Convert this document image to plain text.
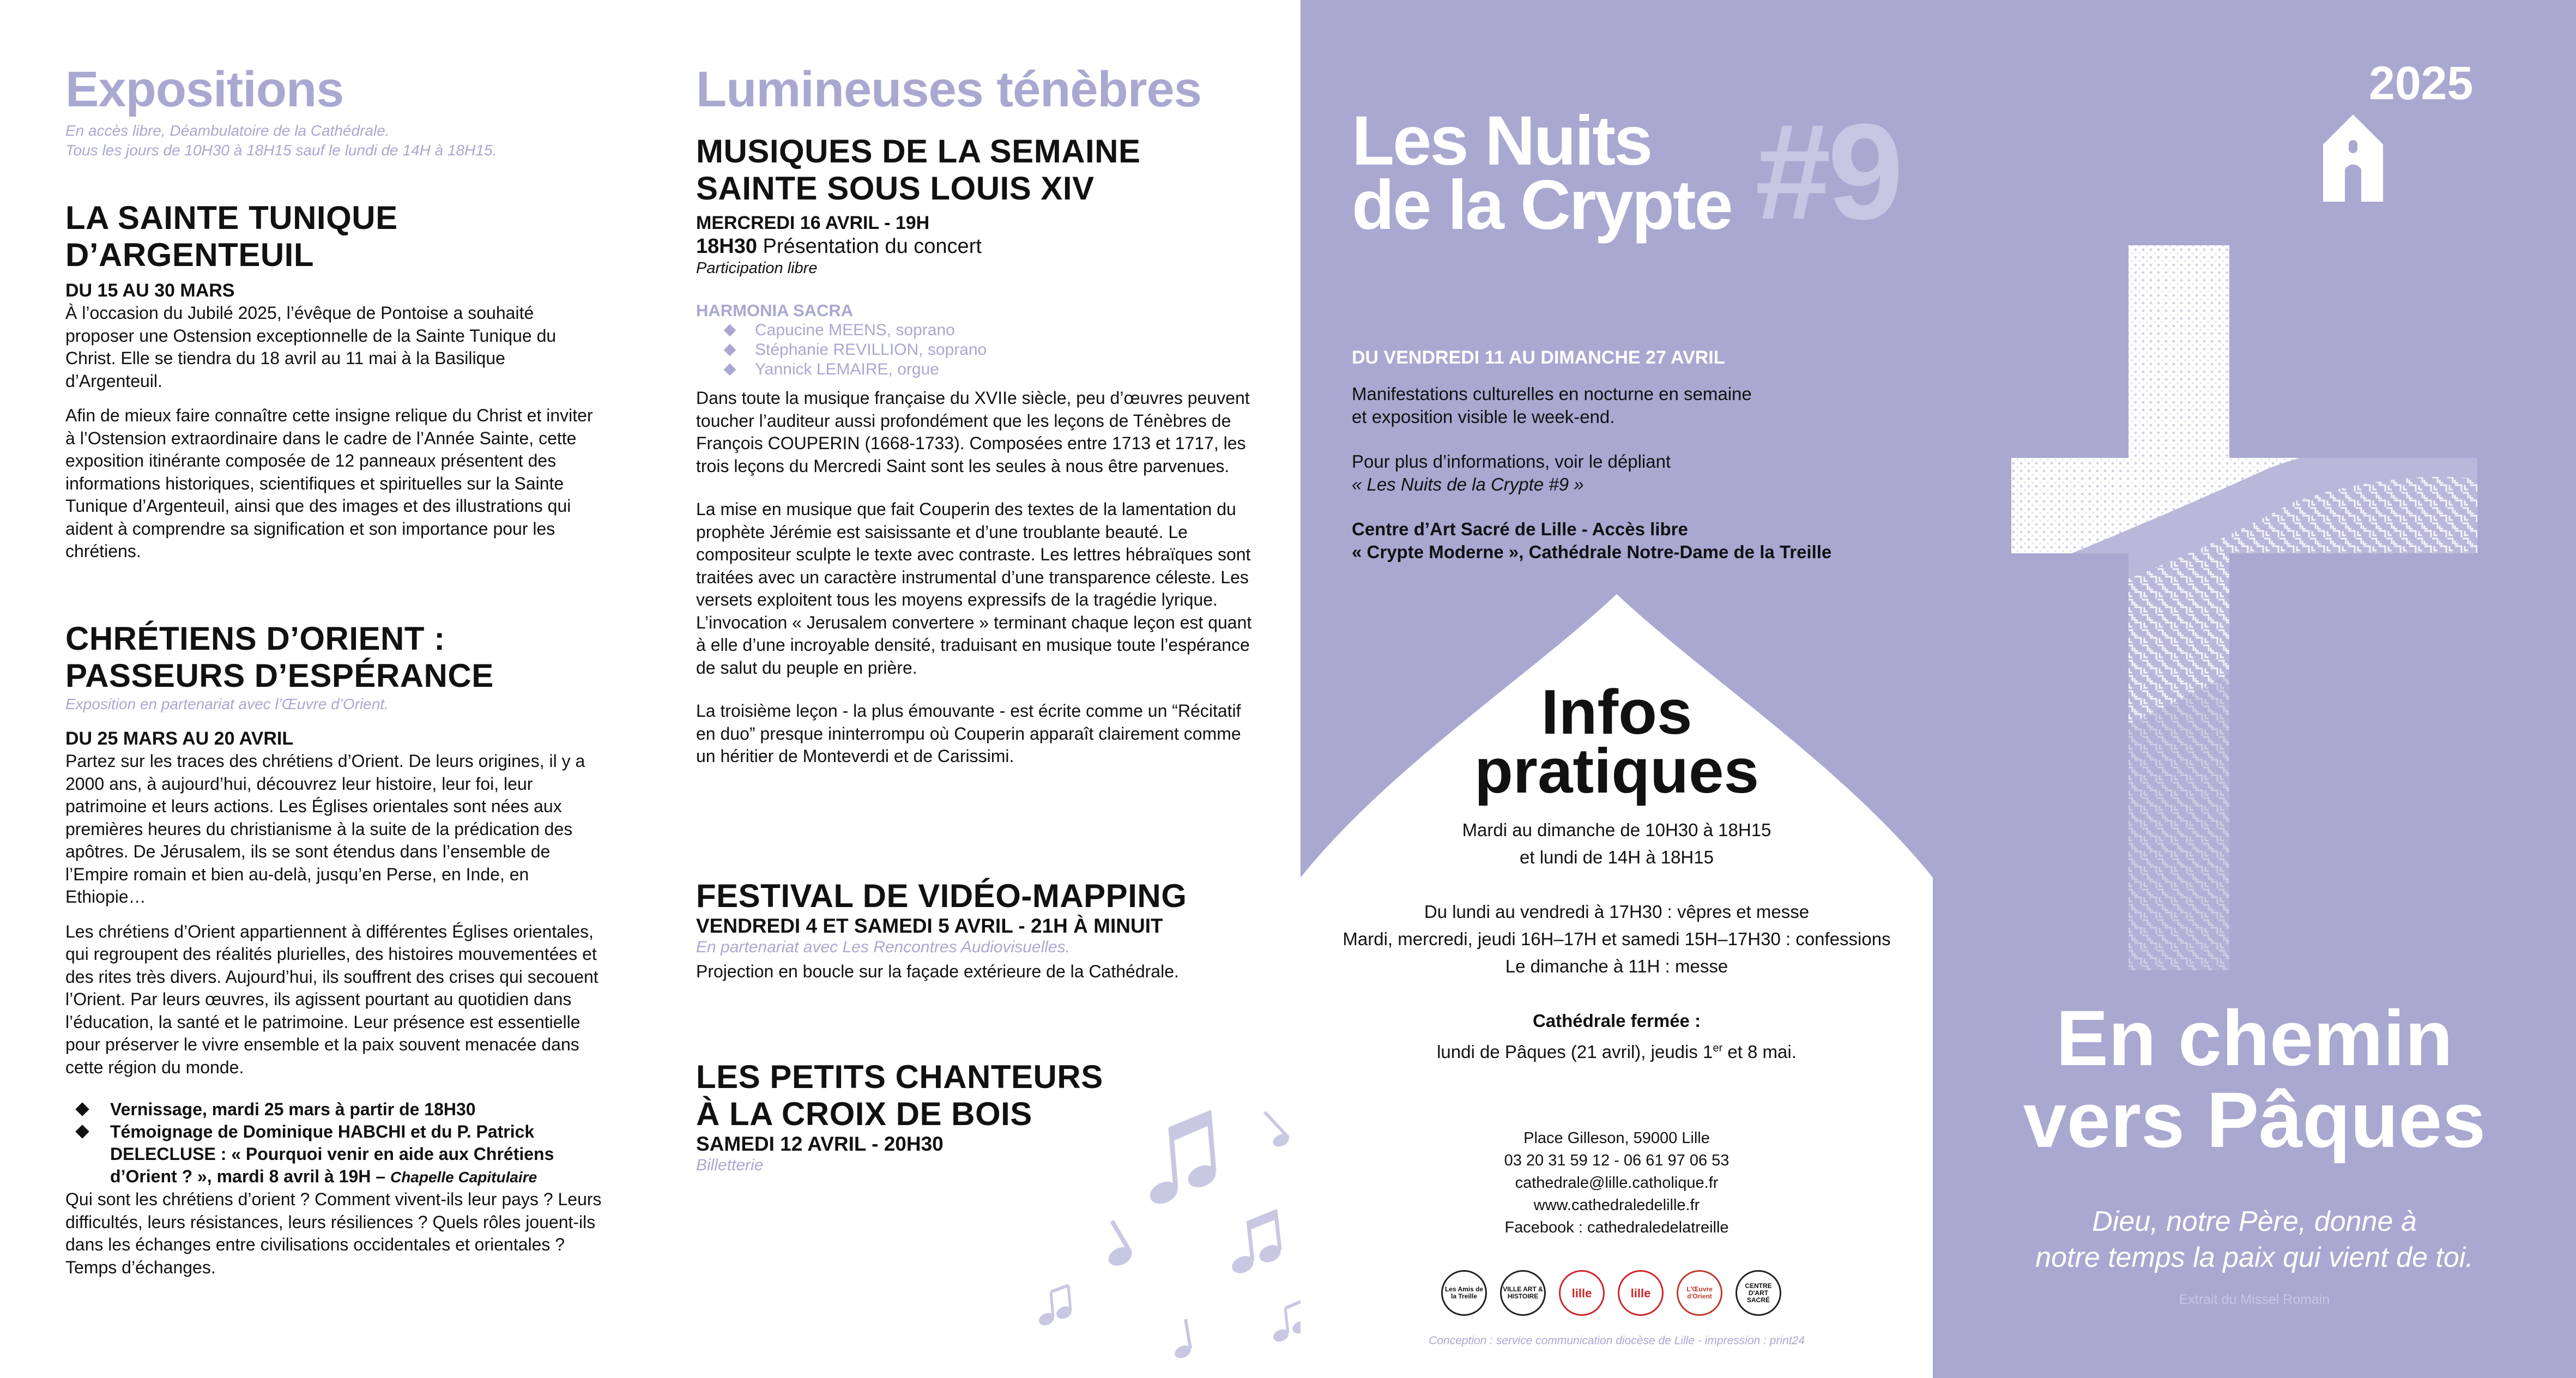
Expositions
En accès libre, Déambulatoire de la Cathédrale.
Tous les jours de 10H30 à 18H15 sauf le lundi de 14H à 18H15.
LA SAINTE TUNIQUE
D’ARGENTEUIL
DU 15 AU 30 MARS

À l’occasion du Jubilé 2025, l’évêque de Pontoise a souhaité proposer une Ostension exceptionnelle de la Sainte Tunique du Christ. Elle se tiendra du 18 avril au 11 mai à la Basilique d’Argenteuil.

Afin de mieux faire connaître cette insigne relique du Christ et inviter à l’Ostension extraordinaire dans le cadre de l’Année Sainte, cette exposition itinérante composée de 12 panneaux présentent des informations historiques, scientifiques et spirituelles sur la Sainte Tunique d’Argenteuil, ainsi que des images et des illustrations qui aident à comprendre sa signification et son importance pour les chrétiens.

CHRÉTIENS D’ORIENT :
PASSEURS D’ESPÉRANCE
Exposition en partenariat avec l’Œuvre d’Orient.
DU 25 MARS AU 20 AVRIL

Partez sur les traces des chrétiens d’Orient. De leurs origines, il y a 2000 ans, à aujourd’hui, découvrez leur histoire, leur foi, leur patrimoine et leurs actions. Les Églises orientales sont nées aux premières heures du christianisme à la suite de la prédication des apôtres. De Jérusalem, ils se sont étendus dans l’ensemble de l’Empire romain et bien au-delà, jusqu’en Perse, en Inde, en Ethiopie…

Les chrétiens d’Orient appartiennent à différentes Églises orientales, qui regroupent des réalités plurielles, des histoires mouvementées et des rites très divers. Aujourd’hui, ils souffrent des crises qui secouent l’Orient. Par leurs œuvres, ils agissent pourtant au quotidien dans l’éducation, la santé et le patrimoine. Leur présence est essentielle pour préserver le vivre ensemble et la paix souvent menacée dans cette région du monde.

Vernissage, mardi 25 mars à partir de 18H30
Témoignage de Dominique HABCHI et du P. Patrick DELECLUSE : « Pourquoi venir en aide aux Chrétiens d’Orient ? », mardi 8 avril à 19H – Chapelle Capitulaire
Qui sont les chrétiens d’orient ? Comment vivent-ils leur pays ? Leurs difficultés, leurs résistances, leurs résiliences ? Quels rôles jouent-ils dans les échanges entre civilisations occidentales et orientales ? Temps d’échanges.
Lumineuses ténèbres
MUSIQUES DE LA SEMAINE
SAINTE SOUS LOUIS XIV
MERCREDI 16 AVRIL - 19H
18H30 Présentation du concert
Participation libre
HARMONIA SACRA
Capucine MEENS, soprano
Stéphanie REVILLION, soprano
Yannick LEMAIRE, orgue

Dans toute la musique française du XVIIe siècle, peu d’œuvres peuvent toucher l’auditeur aussi profondément que les leçons de Ténèbres de François COUPERIN (1668-1733). Composées entre 1713 et 1717, les trois leçons du Mercredi Saint sont les seules à nous être parvenues.

La mise en musique que fait Couperin des textes de la lamentation du prophète Jérémie est saisissante et d’une troublante beauté. Le compositeur sculpte le texte avec contraste. Les lettres hébraïques sont traitées avec un caractère instrumental d’une transparence céleste. Les versets exploitent tous les moyens expressifs de la tragédie lyrique. L’invocation « Jerusalem convertere » terminant chaque leçon est quant à elle d’une incroyable densité, traduisant en musique toute l’espérance de salut du peuple en prière.

La troisième leçon - la plus émouvante - est écrite comme un “Récitatif en duo” presque ininterrompu où Couperin apparaît clairement comme un héritier de Monteverdi et de Carissimi.

FESTIVAL DE VIDÉO-MAPPING
VENDREDI 4 ET SAMEDI 5 AVRIL - 21H À MINUIT
En partenariat avec Les Rencontres Audiovisuelles.
Projection en boucle sur la façade extérieure de la Cathédrale.
LES PETITS CHANTEURS
À LA CROIX DE BOIS
SAMEDI 12 AVRIL - 20H30
Billetterie
Les Nuits
de la Crypte #9
DU VENDREDI 11 AU DIMANCHE 27 AVRIL
Manifestations culturelles en nocturne en semaine
et exposition visible le week-end.
Pour plus d’informations, voir le dépliant
« Les Nuits de la Crypte #9 »
Centre d’Art Sacré de Lille - Accès libre
« Crypte Moderne », Cathédrale Notre-Dame de la Treille
Infos
pratiques
Mardi au dimanche de 10H30 à 18H15
et lundi de 14H à 18H15
Du lundi au vendredi à 17H30 : vêpres et messe
Mardi, mercredi, jeudi 16H–17H et samedi 15H–17H30 : confessions
Le dimanche à 11H : messe
Cathédrale fermée :
lundi de Pâques (21 avril), jeudis 1er et 8 mai.
Place Gilleson, 59000 Lille
03 20 31 59 12 - 06 61 97 06 53
cathedrale@lille.catholique.fr
www.cathedraledelille.fr
Facebook : cathedraledelatreille
Les Amis de la Treille
VILLE ART & HISTOIRE	lille	lille	L'Œuvre d'Orient
CENTRE D'ART SACRÉ
Conception : service communication diocèse de Lille - impression : print24
2025
En chemin
vers Pâques
Dieu, notre Père, donne à
notre temps la paix qui vient de toi.
Extrait du Missel Romain
